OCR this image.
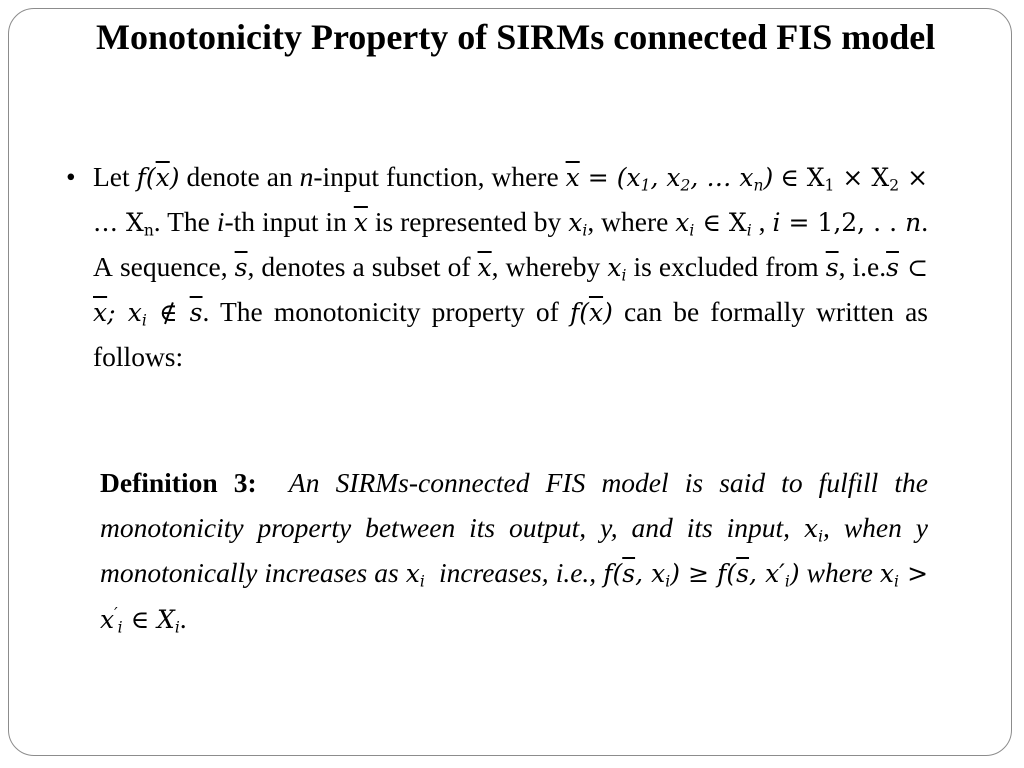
Monotonicity Property of SIRMs connected FIS model
• Let $f(\overline{x})$ denote an n-input function, where $\overline{x} = (x_1$, $x_2$, … $x_n$) ∈ $X_1 \times X_2$ × … $X_n$. The i-th input in $\overline{x}$ is represented by $x_i$, where $x_i$ ∈ $X_i$ , i = 1,2, . . n. A sequence, $\overline{s}$, denotes a subset of $\overline{x}$, whereby $x_i$ is excluded from $\overline{s}$, $i.e.\overline{s}$ ⊂ $\overline{x}$; $x_i$ ∉ $\overline{s}$. The monotonicity property of $f(\overline{x})$ can be formally written as follows:
Definition 3: An SIRMs-connected FIS model is said to fulfill the monotonicity property between its output, y, and its input, $x_i$, when y monotonically increases as $x_i$ increases, i.e., $f(\overline{s}$, $x_i) \ge f(\overline{s}$, $x'_i$) where $x_i > x'_i$ ∈ $X_i$.
